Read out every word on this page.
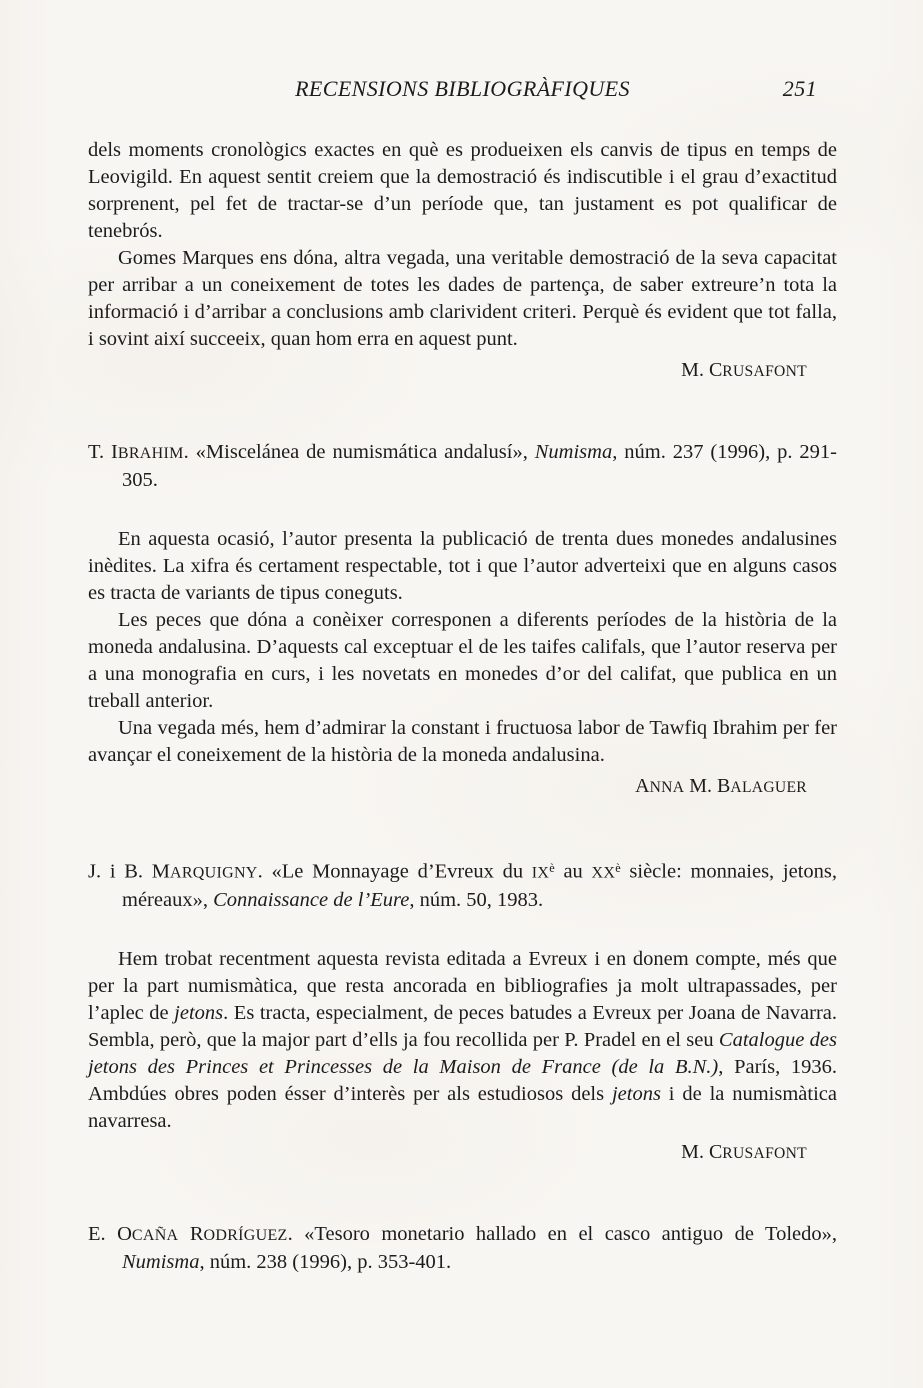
RECENSIONS BIBLIOGRÀFIQUES	251

dels moments cronològics exactes en què es produeixen els canvis de tipus en temps de Leovigild. En aquest sentit creiem que la demostració és indiscutible i el grau d’exactitud sorprenent, pel fet de tractar-se d’un període que, tan justament es pot qualificar de tenebrós.

Gomes Marques ens dóna, altra vegada, una veritable demostració de la seva capacitat per arribar a un coneixement de totes les dades de partença, de saber extreure’n tota la informació i d’arribar a conclusions amb clarivident criteri. Perquè és evident que tot falla, i sovint així succeeix, quan hom erra en aquest punt.

M. CRUSAFONT

T. IBRAHIM. «Miscelánea de numismática andalusí», Numisma, núm. 237 (1996), p. 291-305.

En aquesta ocasió, l’autor presenta la publicació de trenta dues monedes andalusines inèdites. La xifra és certament respectable, tot i que l’autor adverteixi que en alguns casos es tracta de variants de tipus coneguts.

Les peces que dóna a conèixer corresponen a diferents períodes de la història de la moneda andalusina. D’aquests cal exceptuar el de les taifes califals, que l’autor reserva per a una monografia en curs, i les novetats en monedes d’or del califat, que publica en un treball anterior.

Una vegada més, hem d’admirar la constant i fructuosa labor de Tawfiq Ibrahim per fer avançar el coneixement de la història de la moneda andalusina.

ANNA M. BALAGUER

J. i B. MARQUIGNY. «Le Monnayage d’Evreux du $IX^è$ au $XX^è$ siècle: monnaies, jetons, méreaux», Connaissance de l’Eure, núm. 50, 1983.

Hem trobat recentment aquesta revista editada a Evreux i en donem compte, més que per la part numismàtica, que resta ancorada en bibliografies ja molt ultrapassades, per l’aplec de jetons. Es tracta, especialment, de peces batudes a Evreux per Joana de Navarra. Sembla, però, que la major part d’ells ja fou recollida per P. Pradel en el seu Catalogue des jetons des Princes et Princesses de la Maison de France (de la B.N.), París, 1936. Ambdúes obres poden ésser d’interès per als estudiosos dels jetons i de la numismàtica navarresa.

M. CRUSAFONT

E. OCAÑA RODRÍGUEZ. «Tesoro monetario hallado en el casco antiguo de Toledo», Numisma, núm. 238 (1996), p. 353-401.
